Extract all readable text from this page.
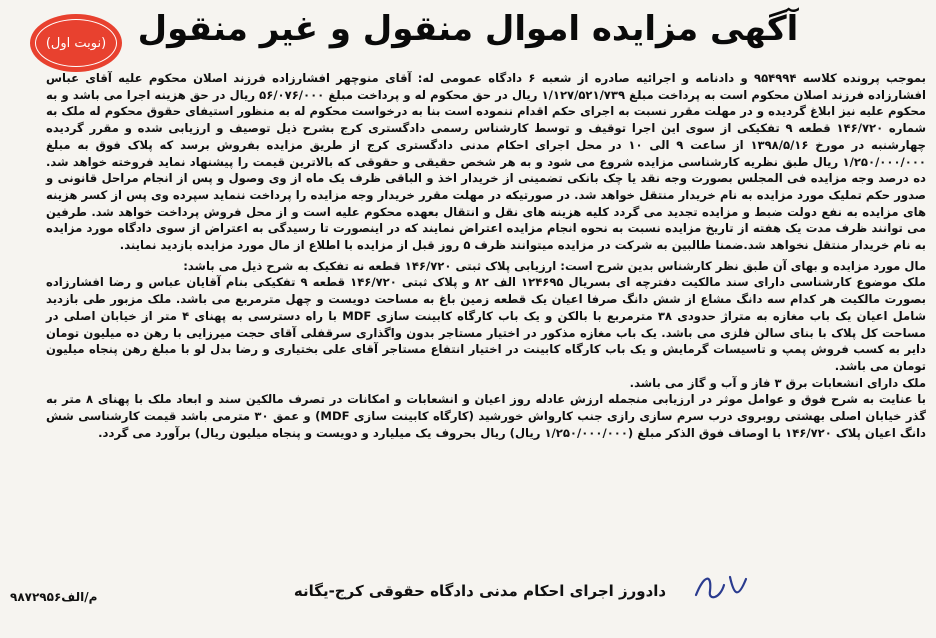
آگهی مزایده اموال منقول و غیر منقول
(نوبت اول)

بموجب پرونده کلاسه ۹۵۴۹۹۴ و دادنامه و اجرائیه صادره از شعبه ۶ دادگاه عمومی له: آقای منوچهر افشارزاده فرزند اصلان محکوم علیه آقای عباس افشارزاده فرزند اصلان محکوم است به پرداخت مبلغ ۱/۱۲۷/۵۲۱/۷۳۹ ریال در حق محکوم له و پرداخت مبلغ ۵۶/۰۷۶/۰۰۰ ریال در حق هزینه اجرا می باشد و به محکوم علیه نیز ابلاغ گردیده و در مهلت مقرر نسبت به اجرای حکم اقدام ننموده است بنا به درخواست محکوم له به منظور استیفای حقوق محکوم له ملک به شماره ۱۴۶/۷۲۰ قطعه ۹ تفکیکی از سوی این اجرا توقیف و توسط کارشناس رسمی دادگستری کرج بشرح ذیل توصیف و ارزیابی شده و مقرر گردیده چهارشنبه در مورخ ۱۳۹۸/۵/۱۶ از ساعت ۹ الی ۱۰ در محل اجرای احکام مدنی دادگستری کرج از طریق مزایده بفروش برسد که پلاک فوق به مبلغ ۱/۲۵۰/۰۰۰/۰۰۰ ریال طبق نظریه کارشناسی مزایده شروع می شود و به هر شخص حقیقی و حقوقی که بالاترین قیمت را پیشنهاد نماید فروخته خواهد شد. ده درصد وجه مزایده فی المجلس بصورت وجه نقد یا چک بانکی تضمینی از خریدار اخذ و الباقی ظرف یک ماه از وی وصول و پس از انجام مراحل قانونی و صدور حکم تملیک مورد مزایده به نام خریدار منتقل خواهد شد. در صورتیکه در مهلت مقرر خریدار وجه مزایده را پرداخت ننماید سپرده وی پس از کسر هزینه های مزایده به نفع دولت ضبط و مزایده تجدید می گردد کلیه هزینه های نقل و انتقال بعهده محکوم علیه است و از محل فروش پرداخت خواهد شد. طرفین می توانند ظرف مدت یک هفته از تاریخ مزایده نسبت به نحوه انجام مزایده اعتراض نمایند که در اینصورت تا رسیدگی به اعتراض از سوی دادگاه مورد مزایده به نام خریدار منتقل نخواهد شد.ضمنا طالبین به شرکت در مزایده میتوانند ظرف ۵ روز قبل از مزایده با اطلاع از مال مورد مزایده بازدید نمایند.

مال مورد مزایده و بهای آن طبق نظر کارشناس بدین شرح است: ارزیابی پلاک ثبتی ۱۴۶/۷۲۰ قطعه نه تفکیک به شرح ذیل می باشد:

ملک موضوع کارشناسی دارای سند مالکیت دفترچه ای بسریال ۱۲۴۶۹۵ الف ۸۲ و پلاک ثبتی ۱۴۶/۷۲۰ قطعه ۹ تفکیکی بنام آقایان عباس و رضا افشارزاده بصورت مالکیت هر کدام سه دانگ مشاع از شش دانگ صرفا اعیان یک قطعه زمین باغ به مساحت دویست و چهل مترمربع می باشد. ملک مزبور طی بازدید شامل اعیان یک باب مغازه به متراژ حدودی ۳۸ مترمربع با بالکن و یک باب کارگاه کابینت سازی MDF با راه دسترسی به پهنای ۴ متر از خیابان اصلی در مساحت کل پلاک با بنای سالن فلزی می باشد. یک باب مغازه مذکور در اختیار مستاجر بدون واگذاری سرقفلی آقای حجت میرزایی با رهن ده میلیون تومان دایر به کسب فروش پمپ و تاسیسات گرمایش و یک باب کارگاه کابینت در اختیار انتفاع مستاجر آقای علی بختیاری و رضا بدل لو با مبلغ رهن پنجاه میلیون تومان می باشد.

ملک دارای انشعابات برق ۳ فاز و آب و گاز می باشد.

با عنایت به شرح فوق و عوامل موثر در ارزیابی منجمله ارزش عادله روز اعیان و انشعابات و امکانات در تصرف مالکین سند و ابعاد ملک با پهنای ۸ متر به گذر خیابان اصلی بهشتی روبروی درب سرم سازی رازی جنب کارواش خورشید (کارگاه کابینت سازی MDF) و عمق ۳۰ مترمی باشد قیمت کارشناسی شش دانگ اعیان پلاک ۱۴۶/۷۲۰ با اوصاف فوق الذکر مبلغ (۱/۲۵۰/۰۰۰/۰۰۰ ریال) ریال بحروف یک میلیارد و دویست و پنجاه میلیون ریال) برآورد می گردد.

دادورز اجرای احکام مدنی دادگاه حقوقی کرج-یگانه
م/الف۹۸۷۲۹۵۶
